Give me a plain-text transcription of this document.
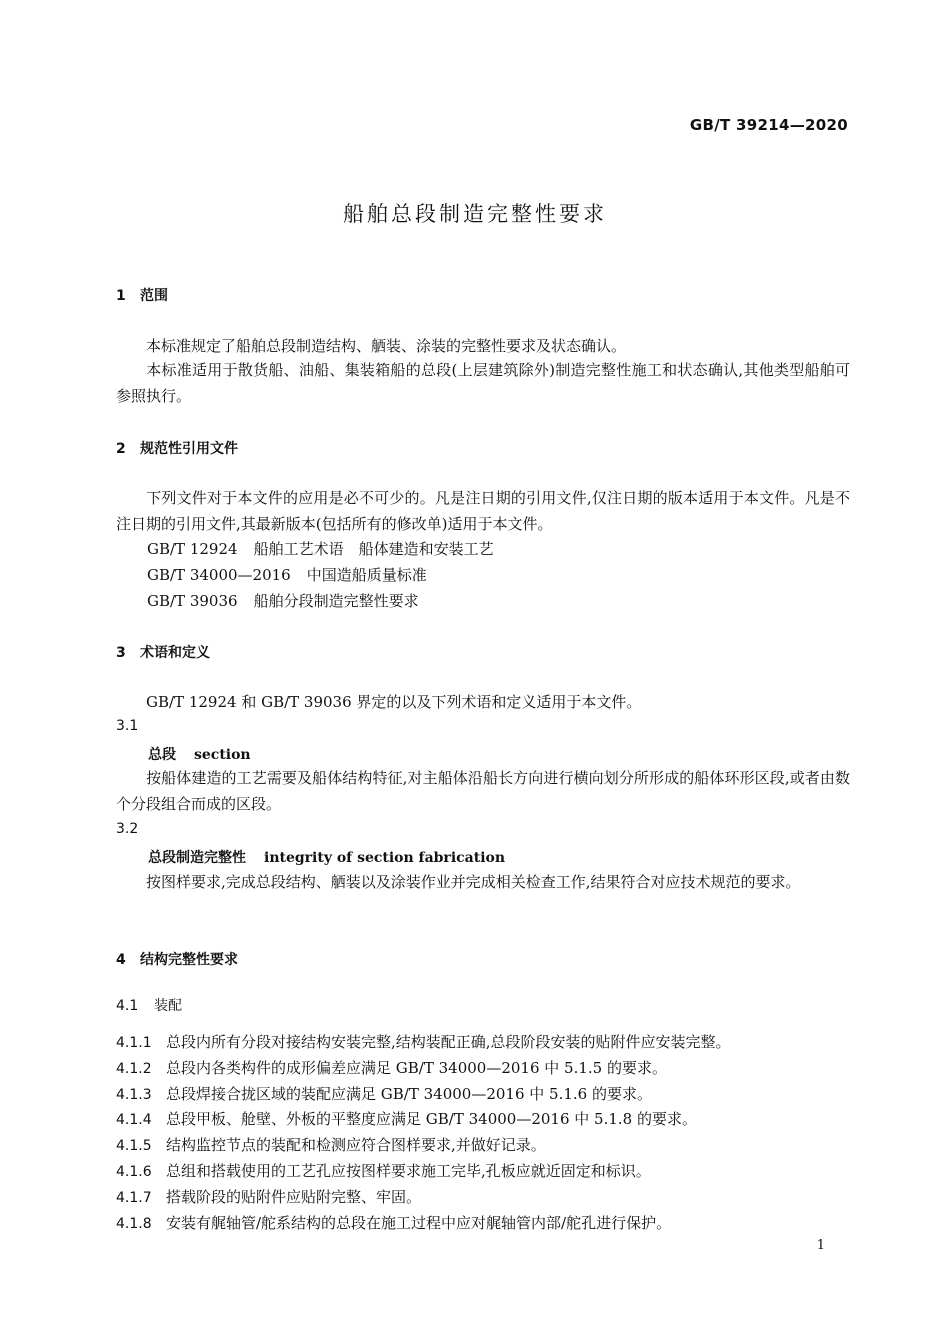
GB/T 39214—2020
船舶总段制造完整性要求
1 范围
本标准规定了船舶总段制造结构、舾装、涂装的完整性要求及状态确认。
本标准适用于散货船、油船、集装箱船的总段(上层建筑除外)制造完整性施工和状态确认,其他类型船舶可参照执行。
2 规范性引用文件
下列文件对于本文件的应用是必不可少的。凡是注日期的引用文件,仅注日期的版本适用于本文件。凡是不注日期的引用文件,其最新版本(包括所有的修改单)适用于本文件。
GB/T 12924 船舶工艺术语　船体建造和安装工艺
GB/T 34000—2016 中国造船质量标准
GB/T 39036 船舶分段制造完整性要求
3 术语和定义
GB/T 12924 和 GB/T 39036 界定的以及下列术语和定义适用于本文件。
3.1
总段 section
按船体建造的工艺需要及船体结构特征,对主船体沿船长方向进行横向划分所形成的船体环形区段,或者由数个分段组合而成的区段。
3.2
总段制造完整性 integrity of section fabrication
按图样要求,完成总段结构、舾装以及涂装作业并完成相关检查工作,结果符合对应技术规范的要求。
4 结构完整性要求
4.1 装配
4.1.1 总段内所有分段对接结构安装完整,结构装配正确,总段阶段安装的贴附件应安装完整。
4.1.2 总段内各类构件的成形偏差应满足 GB/T 34000—2016 中 5.1.5 的要求。
4.1.3 总段焊接合拢区域的装配应满足 GB/T 34000—2016 中 5.1.6 的要求。
4.1.4 总段甲板、舱壁、外板的平整度应满足 GB/T 34000—2016 中 5.1.8 的要求。
4.1.5 结构监控节点的装配和检测应符合图样要求,并做好记录。
4.1.6 总组和搭载使用的工艺孔应按图样要求施工完毕,孔板应就近固定和标识。
4.1.7 搭载阶段的贴附件应贴附完整、牢固。
4.1.8 安装有艉轴管/舵系结构的总段在施工过程中应对艉轴管内部/舵孔进行保护。
1
